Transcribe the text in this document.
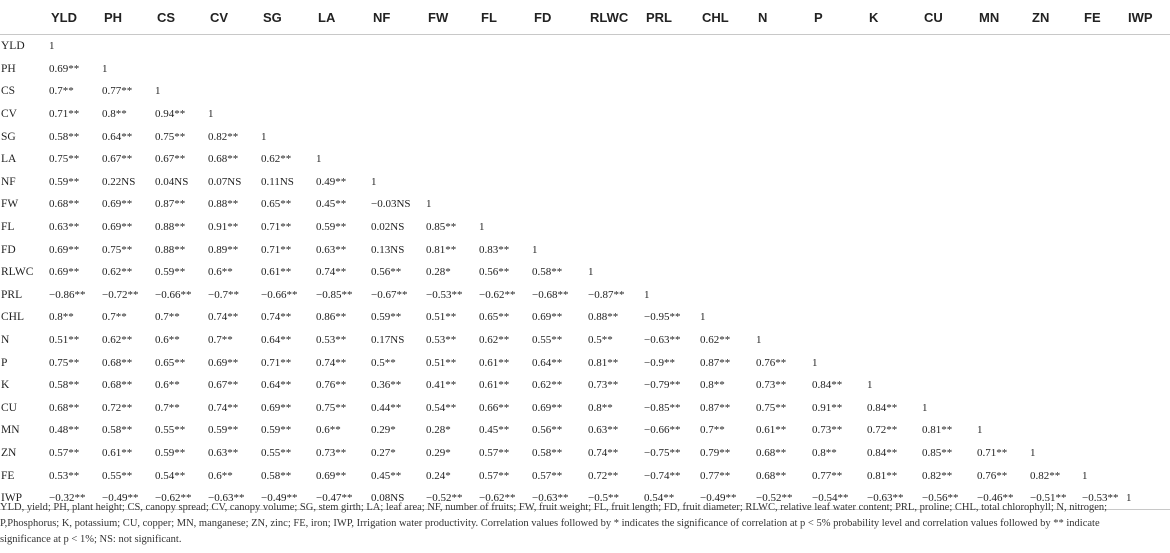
	YLD	PH	CS	CV	SG	LA	NF	FW	FL	FD	RLWC	PRL	CHL	N	P	K	CU	MN	ZN	FE	IWP
YLD	1																				
PH	0.69**	1																			
CS	0.7**	0.77**	1																		
CV	0.71**	0.8**	0.94**	1																	
SG	0.58**	0.64**	0.75**	0.82**	1																
LA	0.75**	0.67**	0.67**	0.68**	0.62**	1															
NF	0.59**	0.22NS	0.04NS	0.07NS	0.11NS	0.49**	1														
FW	0.68**	0.69**	0.87**	0.88**	0.65**	0.45**	−0.03NS	1													
FL	0.63**	0.69**	0.88**	0.91**	0.71**	0.59**	0.02NS	0.85**	1												
FD	0.69**	0.75**	0.88**	0.89**	0.71**	0.63**	0.13NS	0.81**	0.83**	1											
RLWC	0.69**	0.62**	0.59**	0.6**	0.61**	0.74**	0.56**	0.28*	0.56**	0.58**	1										
PRL	−0.86**	−0.72**	−0.66**	−0.7**	−0.66**	−0.85**	−0.67**	−0.53**	−0.62**	−0.68**	−0.87**	1									
CHL	0.8**	0.7**	0.7**	0.74**	0.74**	0.86**	0.59**	0.51**	0.65**	0.69**	0.88**	−0.95**	1								
N	0.51**	0.62**	0.6**	0.7**	0.64**	0.53**	0.17NS	0.53**	0.62**	0.55**	0.5**	−0.63**	0.62**	1							
P	0.75**	0.68**	0.65**	0.69**	0.71**	0.74**	0.5**	0.51**	0.61**	0.64**	0.81**	−0.9**	0.87**	0.76**	1						
K	0.58**	0.68**	0.6**	0.67**	0.64**	0.76**	0.36**	0.41**	0.61**	0.62**	0.73**	−0.79**	0.8**	0.73**	0.84**	1					
CU	0.68**	0.72**	0.7**	0.74**	0.69**	0.75**	0.44**	0.54**	0.66**	0.69**	0.8**	−0.85**	0.87**	0.75**	0.91**	0.84**	1				
MN	0.48**	0.58**	0.55**	0.59**	0.59**	0.6**	0.29*	0.28*	0.45**	0.56**	0.63**	−0.66**	0.7**	0.61**	0.73**	0.72**	0.81**	1			
ZN	0.57**	0.61**	0.59**	0.63**	0.55**	0.73**	0.27*	0.29*	0.57**	0.58**	0.74**	−0.75**	0.79**	0.68**	0.8**	0.84**	0.85**	0.71**	1		
FE	0.53**	0.55**	0.54**	0.6**	0.58**	0.69**	0.45**	0.24*	0.57**	0.57**	0.72**	−0.74**	0.77**	0.68**	0.77**	0.81**	0.82**	0.76**	0.82**	1	
IWP	−0.32**	−0.49**	−0.62**	−0.63**	−0.49**	−0.47**	0.08NS	−0.52**	−0.62**	−0.63**	−0.5**	0.54**	−0.49**	−0.52**	−0.54**	−0.63**	−0.56**	−0.46**	−0.51**	−0.53**	1
YLD, yield; PH, plant height; CS, canopy spread; CV, canopy volume; SG, stem girth; LA; leaf area; NF, number of fruits; FW, fruit weight; FL, fruit length; FD, fruit diameter; RLWC, relative leaf water content; PRL, proline; CHL, total chlorophyll; N, nitrogen; P,Phosphorus; K, potassium; CU, copper; MN, manganese; ZN, zinc; FE, iron; IWP, Irrigation water productivity. Correlation values followed by * indicates the significance of correlation at p < 5% probability level and correlation values followed by ** indicate significance at p < 1%; NS: not significant.
